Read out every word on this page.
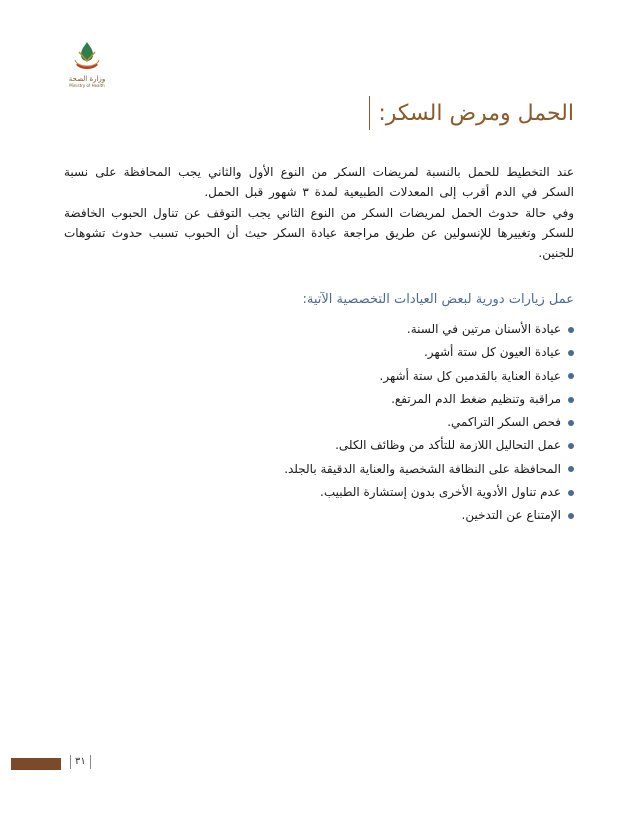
وزارة الصحة
Ministry of Health
الحمل ومرض السكر:

عند التخطيط للحمل بالنسبة لمريضات السكر من النوع الأول والثاني يجب المحافظة على نسبة السكر في الدم أقرب إلى المعدلات الطبيعية لمدة ٣ شهور قبل الحمل.

وفي حالة حدوث الحمل لمريضات السكر من النوع الثاني يجب التوقف عن تناول الحبوب الخافضة للسكر وتغييرها للإنسولين عن طريق مراجعة عيادة السكر حيث أن الحبوب تسبب حدوث تشوهات للجنين.

عمل زيارات دورية لبعض العيادات التخصصية الآتية:
عيادة الأسنان مرتين في السنة.
عيادة العيون كل ستة أشهر.
عيادة العناية بالقدمين كل ستة أشهر.
مراقبة وتنظيم ضغط الدم المرتفع.
فحص السكر التراكمي.
عمل التحاليل اللازمة للتأكد من وظائف الكلى.
المحافظة على النظافة الشخصية والعناية الدقيقة بالجلد.
عدم تناول الأدوية الأخرى بدون إستشارة الطبيب.
الإمتناع عن التدخين.
٣١
